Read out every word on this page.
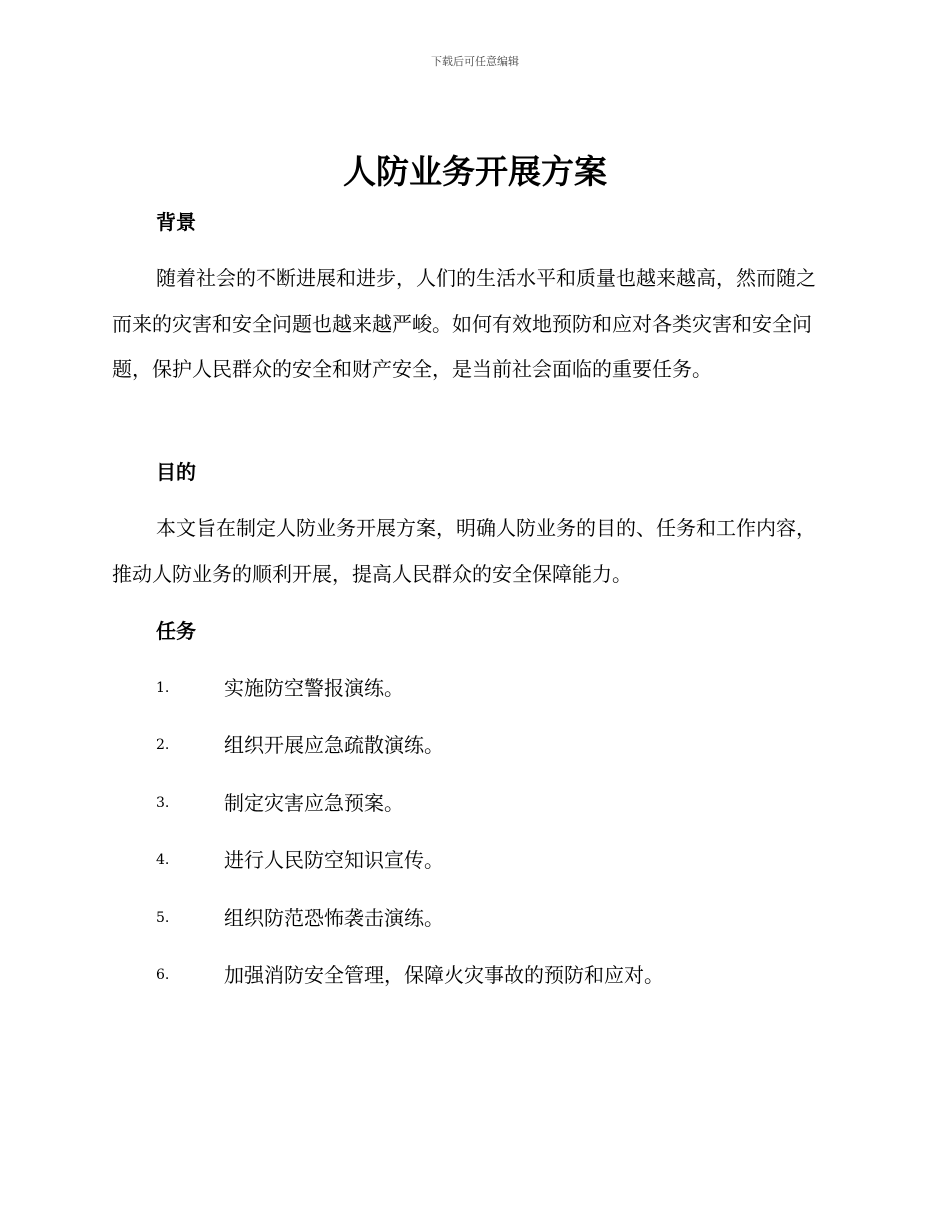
下载后可任意编辑
人防业务开展方案
背景

随着社会的不断进展和进步，人们的生活水平和质量也越来越高，然而随之而来的灾害和安全问题也越来越严峻。如何有效地预防和应对各类灾害和安全问题，保护人民群众的安全和财产安全，是当前社会面临的重要任务。

目的

本文旨在制定人防业务开展方案，明确人防业务的目的、任务和工作内容，推动人防业务的顺利开展，提高人民群众的安全保障能力。

任务
1.	实施防空警报演练。
2.	组织开展应急疏散演练。
3.	制定灾害应急预案。
4.	进行人民防空知识宣传。
5.	组织防范恐怖袭击演练。
6.	加强消防安全管理，保障火灾事故的预防和应对。
